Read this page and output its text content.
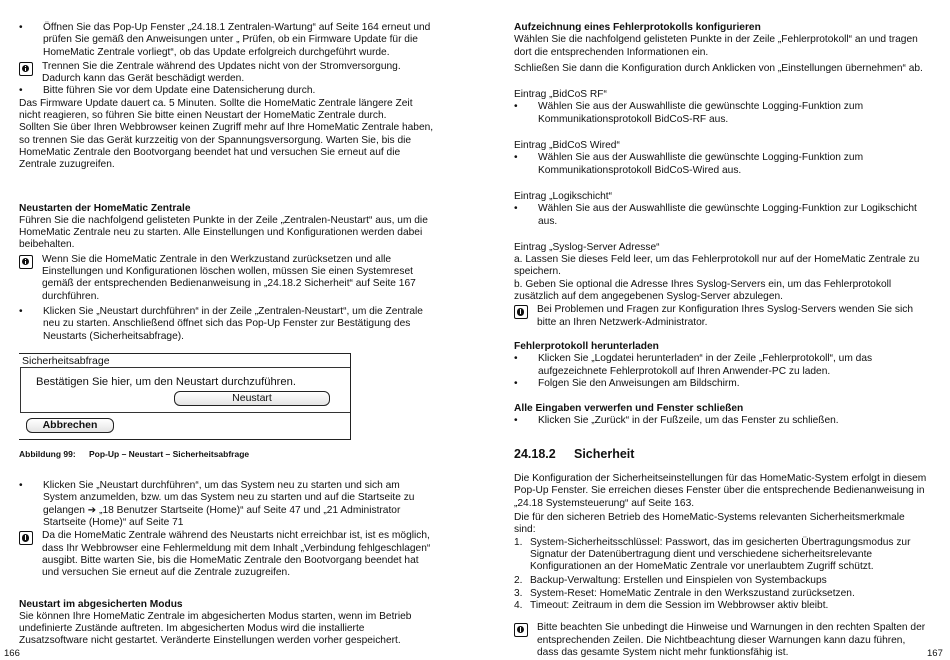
• Öffnen Sie das Pop-Up Fenster „24.18.1 Zentralen-Wartung“ auf Seite 164 erneut und prüfen Sie gemäß den Anweisungen unter „ Prüfen, ob ein Firmware Update für die HomeMatic Zentrale vorliegt“, ob das Update erfolgreich durchgeführt wurde.

Trennen Sie die Zentrale während des Updates nicht von der Stromversorgung. Dadurch kann das Gerät beschädigt werden.

• Bitte führen Sie vor dem Update eine Datensicherung durch.

Das Firmware Update dauert ca. 5 Minuten. Sollte die HomeMatic Zentrale längere Zeit nicht reagieren, so führen Sie bitte einen Neustart der HomeMatic Zentrale durch.

Sollten Sie über Ihren Webbrowser keinen Zugriff mehr auf Ihre HomeMatic Zentrale haben, so trennen Sie das Gerät kurzzeitig von der Spannungsversorgung. Warten Sie, bis die HomeMatic Zentrale den Bootvorgang beendet hat und versuchen Sie erneut auf die Zentrale zuzugreifen.

Neustarten der HomeMatic Zentrale

Führen Sie die nachfolgend gelisteten Punkte in der Zeile „Zentralen-Neustart“ aus, um die HomeMatic Zentrale neu zu starten. Alle Einstellungen und Konfigurationen werden dabei beibehalten.

Wenn Sie die HomeMatic Zentrale in den Werkzustand zurücksetzen und alle Einstellungen und Konfigurationen löschen wollen, müssen Sie einen Systemreset gemäß der entsprechenden Bedienanweisung in „24.18.2 Sicherheit“ auf Seite 167 durchführen.

• Klicken Sie „Neustart durchführen“ in der Zeile „Zentralen-Neustart“, um die Zentrale neu zu starten. Anschließend öffnet sich das Pop-Up Fenster zur Bestätigung des Neustarts (Sicherheitsabfrage).

Sicherheitsabfrage
Bestätigen Sie hier, um den Neustart durchzuführen.
Neustart
Abbrechen

Abbildung 99: Pop-Up – Neustart – Sicherheitsabfrage

• Klicken Sie „Neustart durchführen“, um das System neu zu starten und sich am System anzumelden, bzw. um das System neu zu starten und auf die Startseite zu gelangen ➔ „18 Benutzer Startseite (Home)“ auf Seite 47 und „21 Administrator Startseite (Home)“ auf Seite 71

Da die HomeMatic Zentrale während des Neustarts nicht erreichbar ist, ist es möglich, dass Ihr Webbrowser eine Fehlermeldung mit dem Inhalt „Verbindung fehlgeschlagen“ ausgibt. Bitte warten Sie, bis die HomeMatic Zentrale den Bootvorgang beendet hat und versuchen Sie erneut auf die Zentrale zuzugreifen.

Neustart im abgesicherten Modus

Sie können Ihre HomeMatic Zentrale im abgesicherten Modus starten, wenn im Betrieb undefinierte Zustände auftreten. Im abgesicherten Modus wird die installierte Zusatzsoftware nicht gestartet. Veränderte Einstellungen werden vorher gespeichert.

166

Aufzeichnung eines Fehlerprotokolls konfigurieren

Wählen Sie die nachfolgend gelisteten Punkte in der Zeile „Fehlerprotokoll“ an und tragen dort die entsprechenden Informationen ein.

Schließen Sie dann die Konfiguration durch Anklicken von „Einstellungen übernehmen“ ab.

Eintrag „BidCoS RF“

• Wählen Sie aus der Auswahlliste die gewünschte Logging-Funktion zum Kommunikationsprotokoll BidCoS-RF aus.

Eintrag „BidCoS Wired“

• Wählen Sie aus der Auswahlliste die gewünschte Logging-Funktion zum Kommunikationsprotokoll BidCoS-Wired aus.

Eintrag „Logikschicht“

• Wählen Sie aus der Auswahlliste die gewünschte Logging-Funktion zur Logikschicht aus.

Eintrag „Syslog-Server Adresse“

a. Lassen Sie dieses Feld leer, um das Fehlerprotokoll nur auf der HomeMatic Zentrale zu speichern.

b. Geben Sie optional die Adresse Ihres Syslog-Servers ein, um das Fehlerprotokoll zusätzlich auf dem angegebenen Syslog-Server abzulegen.

Bei Problemen und Fragen zur Konfiguration Ihres Syslog-Servers wenden Sie sich bitte an Ihren Netzwerk-Administrator.

Fehlerprotokoll herunterladen

• Klicken Sie „Logdatei herunterladen“ in der Zeile „Fehlerprotokoll“, um das aufgezeichnete Fehlerprotokoll auf Ihren Anwender-PC zu laden.

• Folgen Sie den Anweisungen am Bildschirm.

Alle Eingaben verwerfen und Fenster schließen

• Klicken Sie „Zurück“ in der Fußzeile, um das Fenster zu schließen.

24.18.2 Sicherheit

Die Konfiguration der Sicherheitseinstellungen für das HomeMatic-System erfolgt in diesem Pop-Up Fenster. Sie erreichen dieses Fenster über die entsprechende Bedienanweisung in „24.18 Systemsteuerung“ auf Seite 163.

Die für den sicheren Betrieb des HomeMatic-Systems relevanten Sicherheitsmerkmale sind:

1. System-Sicherheitsschlüssel: Passwort, das im gesicherten Übertragungsmodus zur Signatur der Datenübertragung dient und verschiedene sicherheitsrelevante Konfigurationen an der HomeMatic Zentrale vor unerlaubtem Zugriff schützt.

2. Backup-Verwaltung: Erstellen und Einspielen von Systembackups

3. System-Reset: HomeMatic Zentrale in den Werkszustand zurücksetzen.

4. Timeout: Zeitraum in dem die Session im Webbrowser aktiv bleibt.

Bitte beachten Sie unbedingt die Hinweise und Warnungen in den rechten Spalten der entsprechenden Zeilen. Die Nichtbeachtung dieser Warnungen kann dazu führen, dass das gesamte System nicht mehr funktionsfähig ist.	167
